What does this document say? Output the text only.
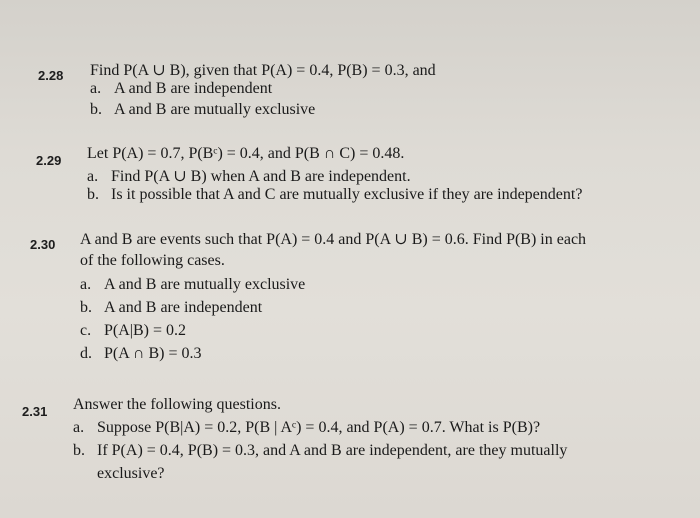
2.28 Find P(A ∪ B), given that P(A) = 0.4, P(B) = 0.3, and
a. A and B are independent
b. A and B are mutually exclusive
2.29 Let P(A) = 0.7, P(Bᶜ) = 0.4, and P(B ∩ C) = 0.48.
a. Find P(A ∪ B) when A and B are independent.
b. Is it possible that A and C are mutually exclusive if they are independent?
2.30 A and B are events such that P(A) = 0.4 and P(A ∪ B) = 0.6. Find P(B) in each
of the following cases.
a. A and B are mutually exclusive
b. A and B are independent
c. P(A|B) = 0.2
d. P(A ∩ B) = 0.3
2.31 Answer the following questions.
a. Suppose P(B|A) = 0.2, P(B | Aᶜ) = 0.4, and P(A) = 0.7. What is P(B)?
b. If P(A) = 0.4, P(B) = 0.3, and A and B are independent, are they mutually
exclusive?
